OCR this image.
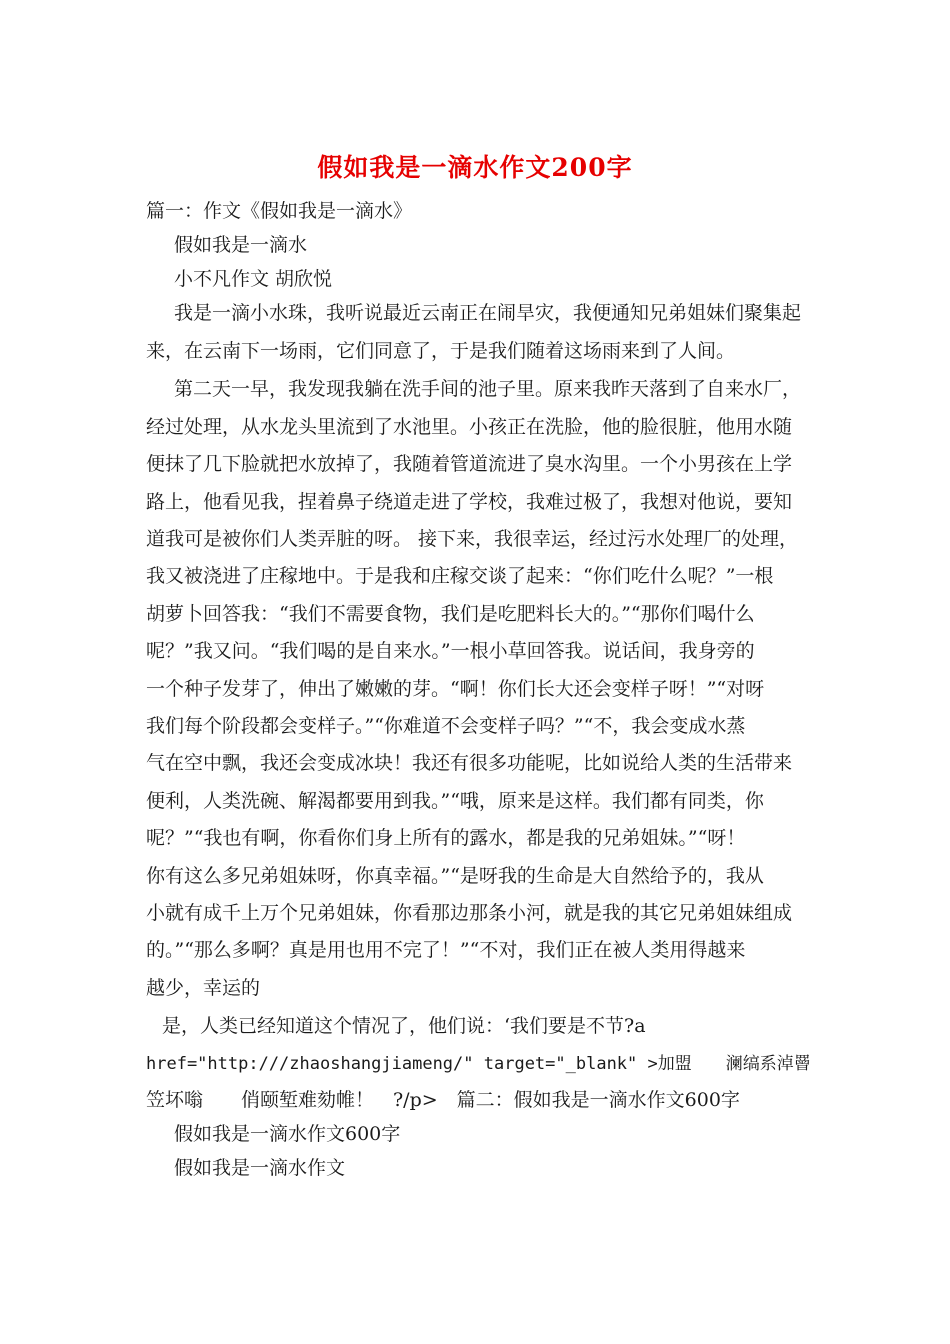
假如我是一滴水作文200字
篇一：作文《假如我是一滴水》
假如我是一滴水
小不凡作文 胡欣悦
我是一滴小水珠，我听说最近云南正在闹旱灾，我便通知兄弟姐妹们聚集起
来，在云南下一场雨，它们同意了，于是我们随着这场雨来到了人间。
第二天一早，我发现我躺在洗手间的池子里。原来我昨天落到了自来水厂，
经过处理，从水龙头里流到了水池里。小孩正在洗脸，他的脸很脏，他用水随
便抹了几下脸就把水放掉了，我随着管道流进了臭水沟里。一个小男孩在上学
路上，他看见我，捏着鼻子绕道走进了学校，我难过极了，我想对他说，要知
道我可是被你们人类弄脏的呀。 接下来，我很幸运，经过污水处理厂的处理，
我又被浇进了庄稼地中。于是我和庄稼交谈了起来：“你们吃什么呢？”一根
胡萝卜回答我：“我们不需要食物，我们是吃肥料长大的。”“那你们喝什么
呢？”我又问。“我们喝的是自来水。”一根小草回答我。说话间，我身旁的
一个种子发芽了，伸出了嫩嫩的芽。“啊！你们长大还会变样子呀！”“对呀
我们每个阶段都会变样子。”“你难道不会变样子吗？”“不，我会变成水蒸
气在空中飘，我还会变成冰块！我还有很多功能呢，比如说给人类的生活带来
便利，人类洗碗、解渴都要用到我。”“哦，原来是这样。我们都有同类，你
呢？”“我也有啊，你看你们身上所有的露水，都是我的兄弟姐妹。”“呀！
你有这么多兄弟姐妹呀，你真幸福。”“是呀我的生命是大自然给予的，我从
小就有成千上万个兄弟姐妹，你看那边那条小河，就是我的其它兄弟姐妹组成
的。”“那么多啊？真是用也用不完了！”“不对，我们正在被人类用得越来
越少，幸运的
是，人类已经知道这个情况了，他们说：‘我们要是不节?a
href="http:///zhaoshangjiameng/" target="_blank" >加盟　　澜缟系淖罾
笠坏嗡　　俏颐堑难劾帷！　?/p>　篇二：假如我是一滴水作文600字
假如我是一滴水作文600字
假如我是一滴水作文
